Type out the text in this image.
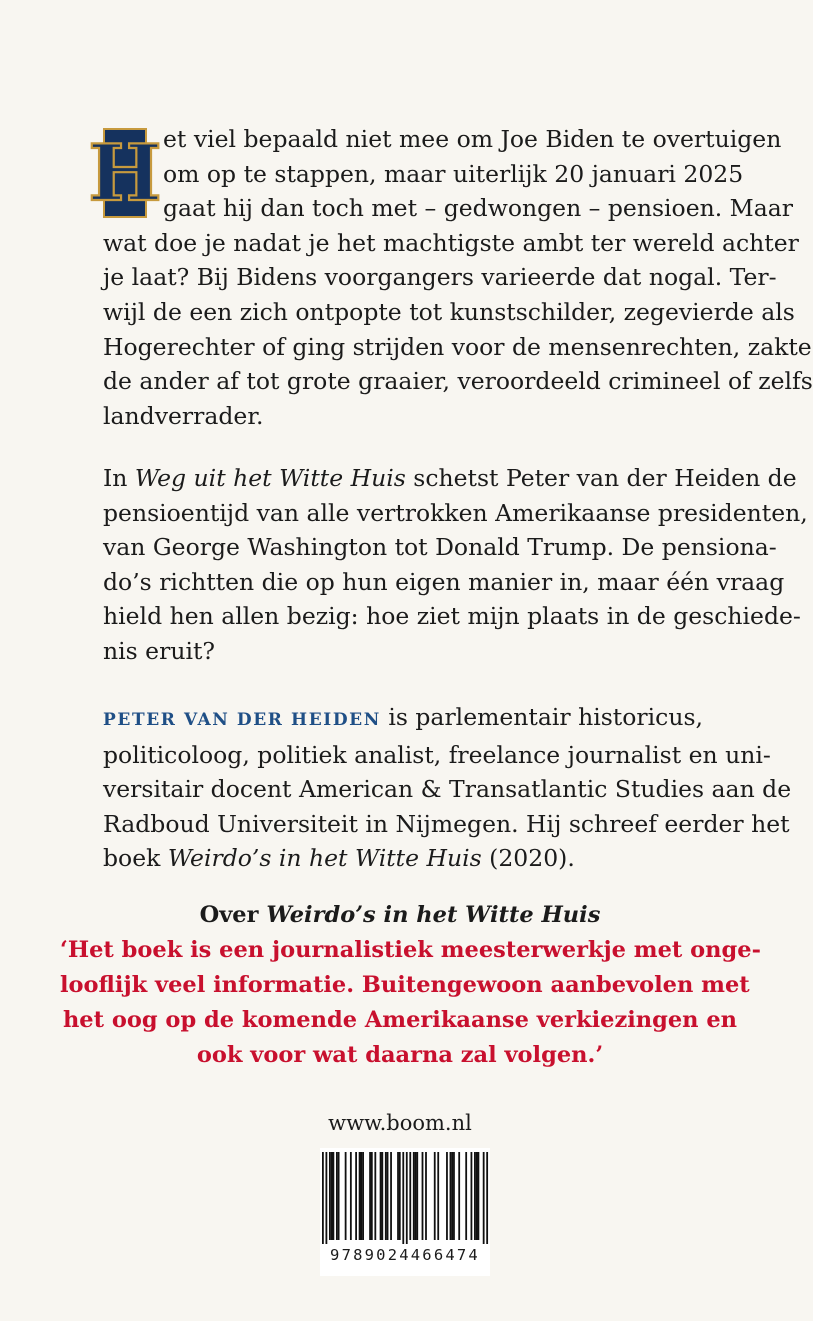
H et viel bepaald niet mee om Joe Biden te overtuigen
om op te stappen, maar uiterlijk 20 januari 2025
gaat hij dan toch met – gedwongen – pensioen. Maar
wat doe je nadat je het machtigste ambt ter wereld achter
je laat? Bij Bidens voorgangers varieerde dat nogal. Ter-
wijl de een zich ontpopte tot kunstschilder, zegevierde als
Hogerechter of ging strijden voor de mensenrechten, zakte
de ander af tot grote graaier, veroordeeld crimineel of zelfs
landverrader.
In Weg uit het Witte Huis schetst Peter van der Heiden de
pensioentijd van alle vertrokken Amerikaanse presidenten,
van George Washington tot Donald Trump. De pensiona-
do’s richtten die op hun eigen manier in, maar één vraag
hield hen allen bezig: hoe ziet mijn plaats in de geschiede-
nis eruit?
PETER VAN DER HEIDEN is parlementair historicus,
politicoloog, politiek analist, freelance journalist en uni-
versitair docent American & Transatlantic Studies aan de
Radboud Universiteit in Nijmegen. Hij schreef eerder het
boek Weirdo’s in het Witte Huis (2020).
Over Weirdo’s in het Witte Huis
‘Het boek is een journalistiek meesterwerkje met onge-
looflijk veel informatie. Buitengewoon aanbevolen met
het oog op de komende Amerikaanse verkiezingen en
ook voor wat daarna zal volgen.’
www.boom.nl
9789024466474
